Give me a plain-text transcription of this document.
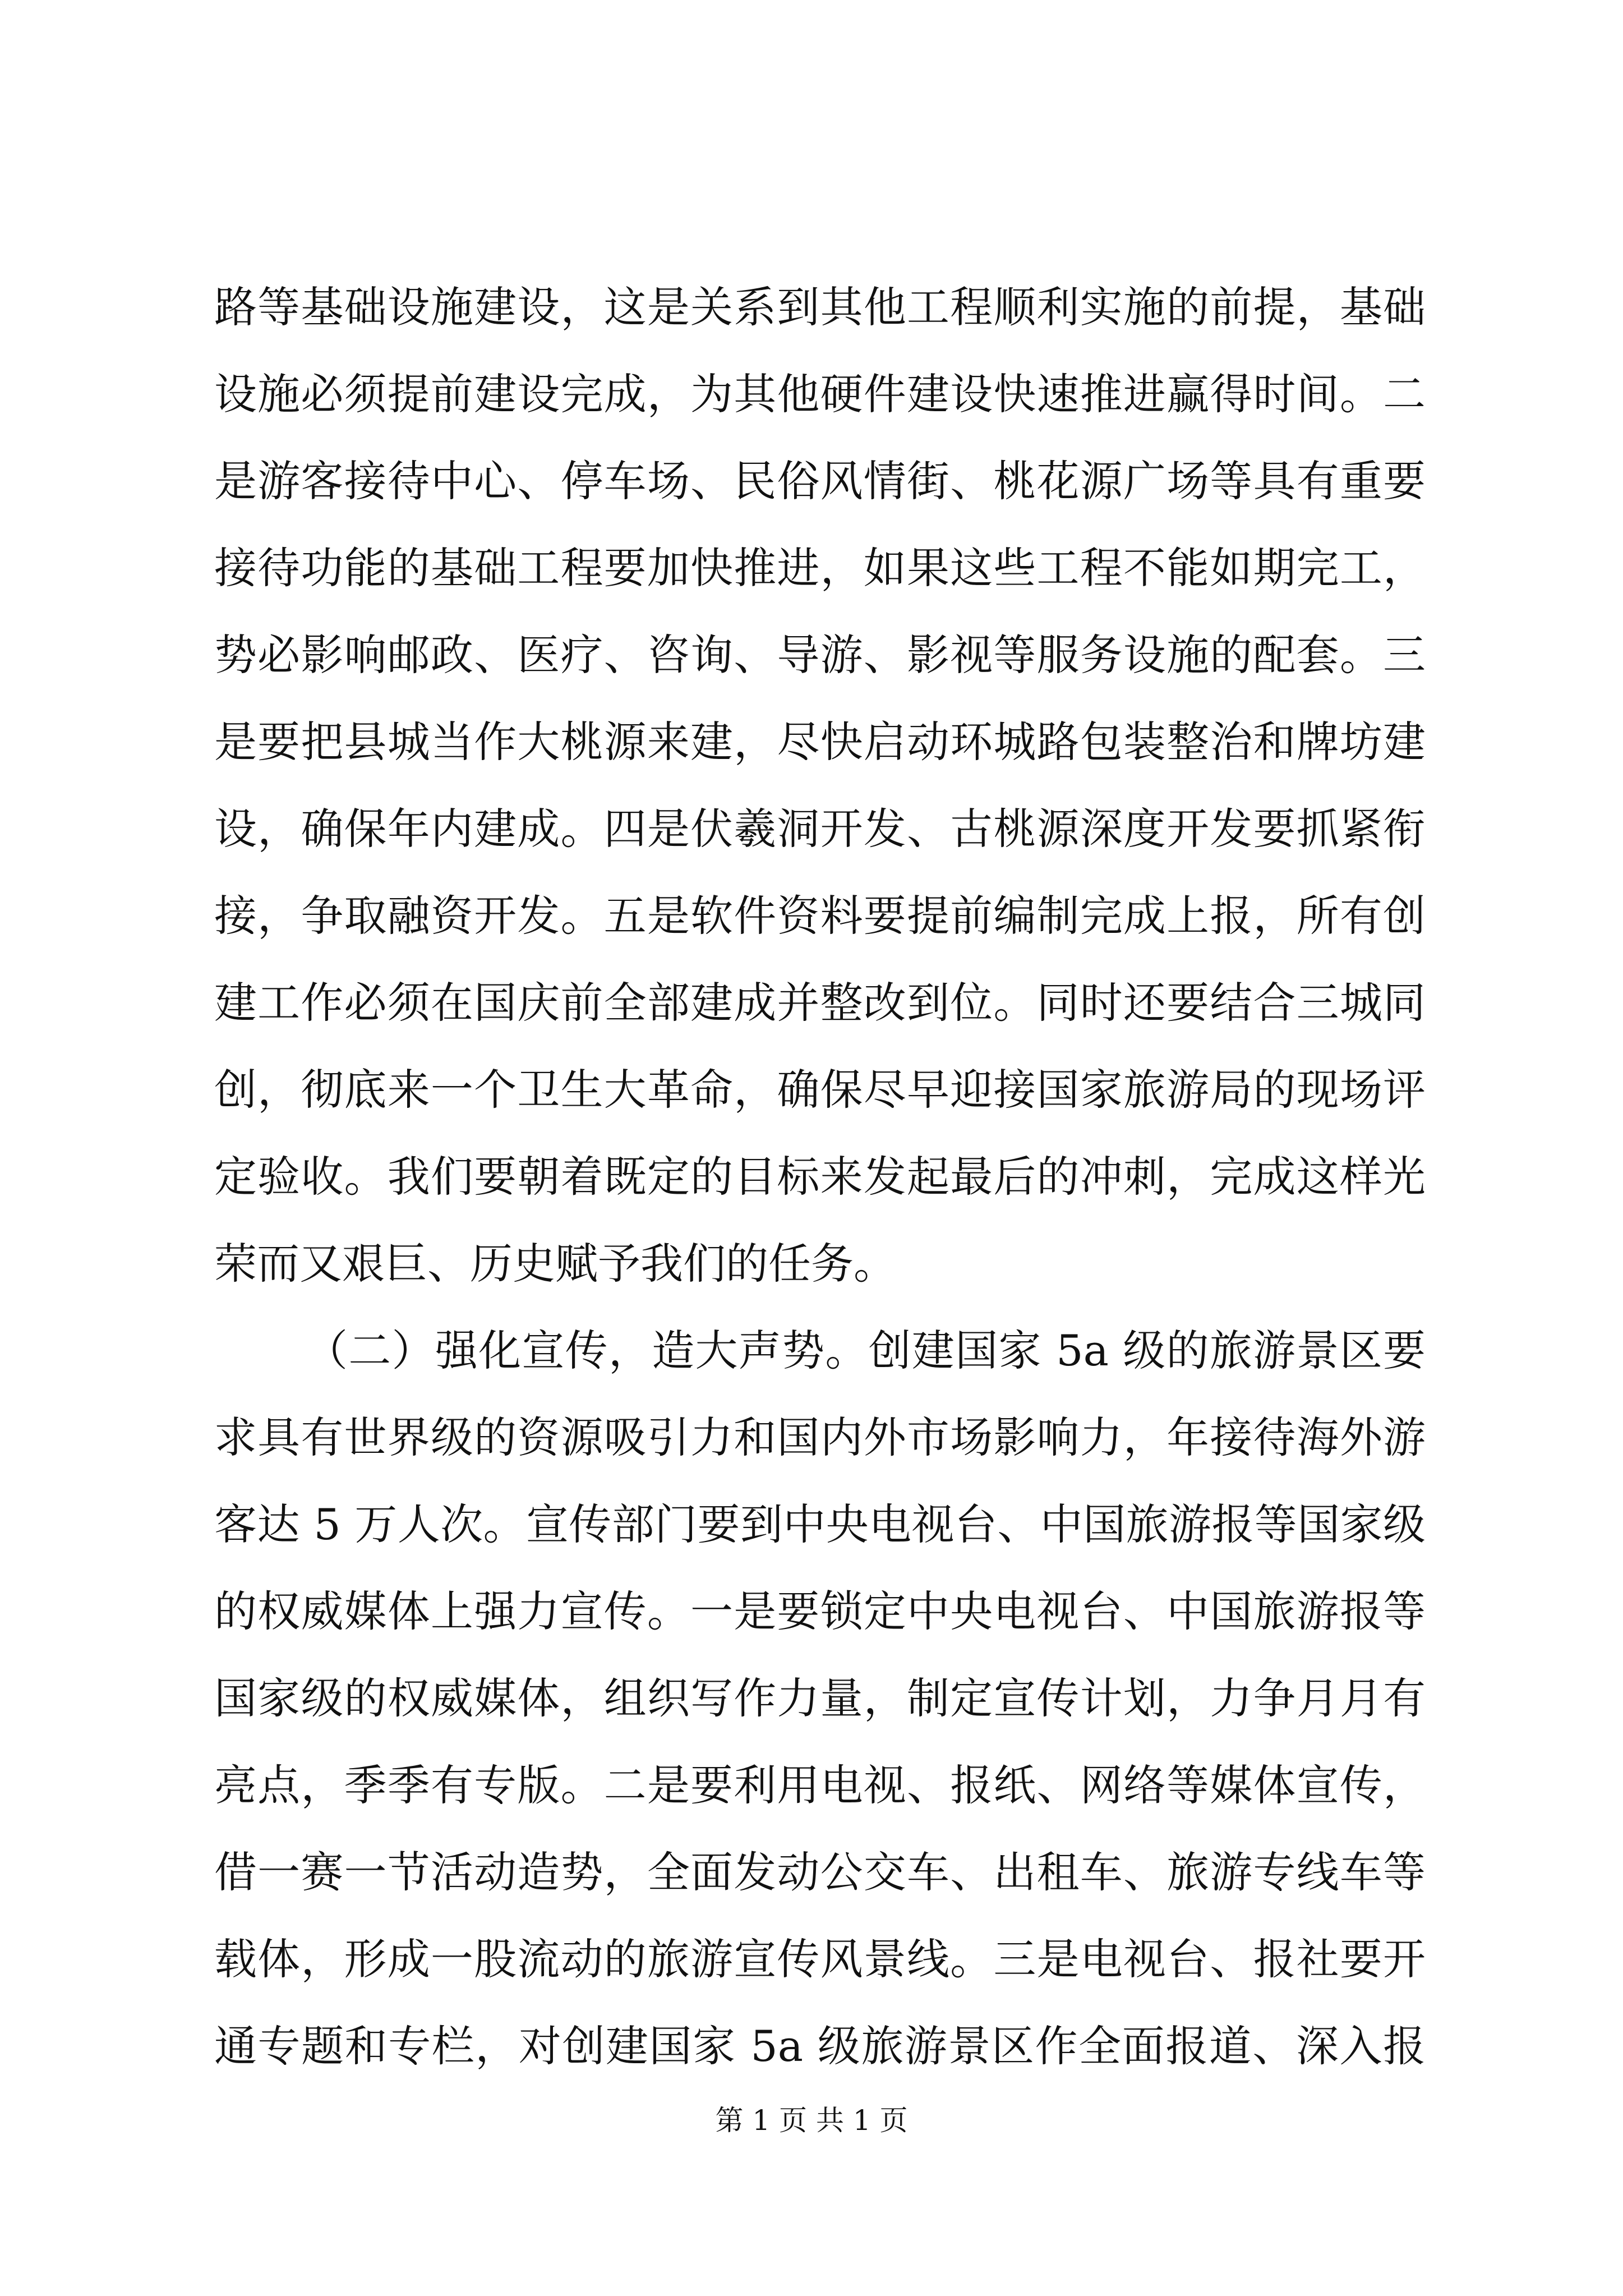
路等基础设施建设，这是关系到其他工程顺利实施的前提，基础
设施必须提前建设完成，为其他硬件建设快速推进赢得时间。二
是游客接待中心、停车场、民俗风情街、桃花源广场等具有重要
接待功能的基础工程要加快推进，如果这些工程不能如期完工，
势必影响邮政、医疗、咨询、导游、影视等服务设施的配套。三
是要把县城当作大桃源来建，尽快启动环城路包装整治和牌坊建
设，确保年内建成。四是伏羲洞开发、古桃源深度开发要抓紧衔
接，争取融资开发。五是软件资料要提前编制完成上报，所有创
建工作必须在国庆前全部建成并整改到位。同时还要结合三城同
创，彻底来一个卫生大革命，确保尽早迎接国家旅游局的现场评
定验收。我们要朝着既定的目标来发起最后的冲刺，完成这样光
荣而又艰巨、历史赋予我们的任务。
（二）强化宣传，造大声势。创建国家 5a 级的旅游景区要
求具有世界级的资源吸引力和国内外市场影响力，年接待海外游
客达 5 万人次。宣传部门要到中央电视台、中国旅游报等国家级
的权威媒体上强力宣传。一是要锁定中央电视台、中国旅游报等
国家级的权威媒体，组织写作力量，制定宣传计划，力争月月有
亮点，季季有专版。二是要利用电视、报纸、网络等媒体宣传，
借一赛一节活动造势，全面发动公交车、出租车、旅游专线车等
载体，形成一股流动的旅游宣传风景线。三是电视台、报社要开
通专题和专栏，对创建国家 5a 级旅游景区作全面报道、深入报
第 1 页 共 1 页
